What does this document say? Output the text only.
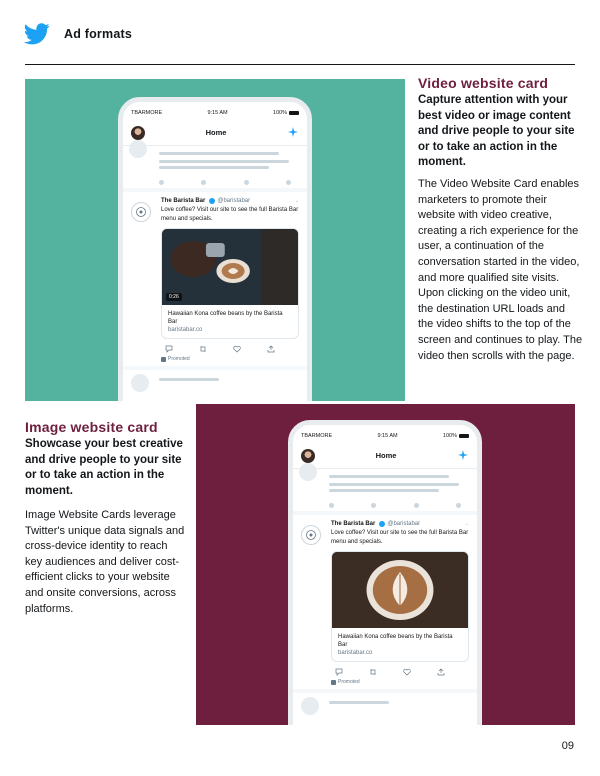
Ad formats
TBARMORE	9:15 AM	100%
Home
The Barista Bar @baristabar	⌄
Love coffee? Visit our site to see the full Barista Bar menu and specials.
0:26
Hawaiian Kona coffee beans by the Barista Bar
baristabar.co
Promoted
Video website card
Capture attention with your best video or image content and drive people to your site or to take an action in the moment.
The Video Website Card enables marketers to promote their website with video creative, creating a rich experience for the user, a continuation of the conversation started in the video, and more qualified site visits. Upon clicking on the video unit, the destination URL loads and the video shifts to the top of the screen and continues to play. The video then scrolls with the page.
TBARMORE	9:15 AM	100%
Home
The Barista Bar @baristabar	⌄
Love coffee? Visit our site to see the full Barista Bar menu and specials.
Hawaiian Kona coffee beans by the Barista Bar
baristabar.co
Promoted
Image website card
Showcase your best creative and drive people to your site or to take an action in the moment.
Image Website Cards leverage Twitter's unique data signals and cross-device identity to reach key audiences and deliver cost-efficient clicks to your website and onsite conversions, across platforms.
09
